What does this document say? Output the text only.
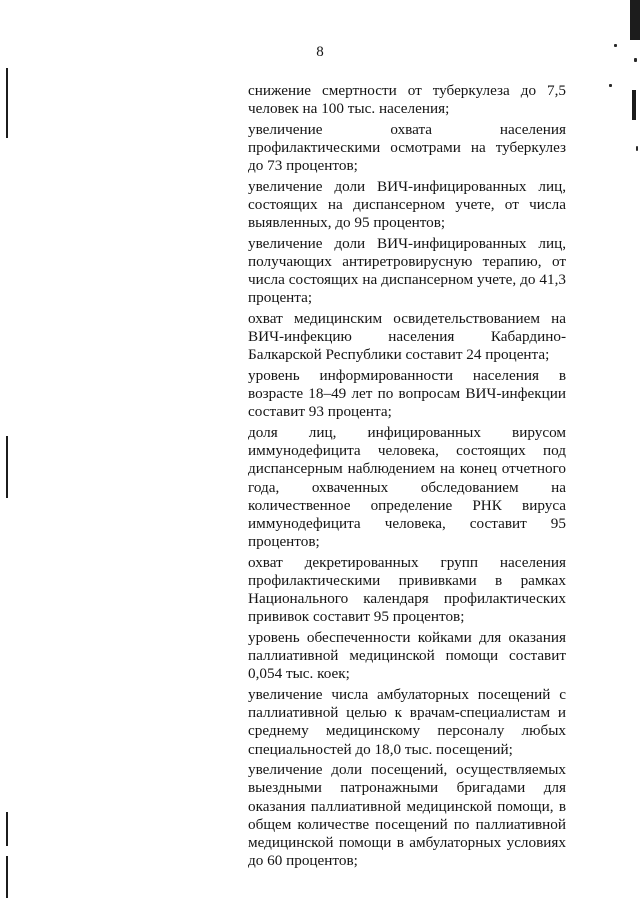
8

снижение смертности от туберкулеза до 7,5 человек на 100 тыс. населения;

увеличение охвата населения профилактическими осмотрами на туберкулез до 73 процентов;

увеличение доли ВИЧ-инфицированных лиц, состоящих на диспансерном учете, от числа выявленных, до 95 процентов;

увеличение доли ВИЧ-инфицированных лиц, получающих антиретровирусную терапию, от числа состоящих на диспансерном учете, до 41,3 процента;

охват медицинским освидетельствованием на ВИЧ-инфекцию населения Кабардино-Балкарской Республики составит 24 процента;

уровень информированности населения в возрасте 18–49 лет по вопросам ВИЧ-инфекции составит 93 процента;

доля лиц, инфицированных вирусом иммунодефицита человека, состоящих под диспансерным наблюдением на конец отчетного года, охваченных обследованием на количественное определение РНК вируса иммунодефицита человека, составит 95 процентов;

охват декретированных групп населения профилактическими прививками в рамках Национального календаря профилактических прививок составит 95 процентов;

уровень обеспеченности койками для оказания паллиативной медицинской помощи составит 0,054 тыс. коек;

увеличение числа амбулаторных посещений с паллиативной целью к врачам-специалистам и среднему медицинскому персоналу любых специальностей до 18,0 тыс. посещений;

увеличение доли посещений, осуществляемых выездными патронажными бригадами для оказания паллиативной медицинской помощи, в общем количестве посещений по паллиативной медицинской помощи в амбулаторных условиях до 60 процентов;
